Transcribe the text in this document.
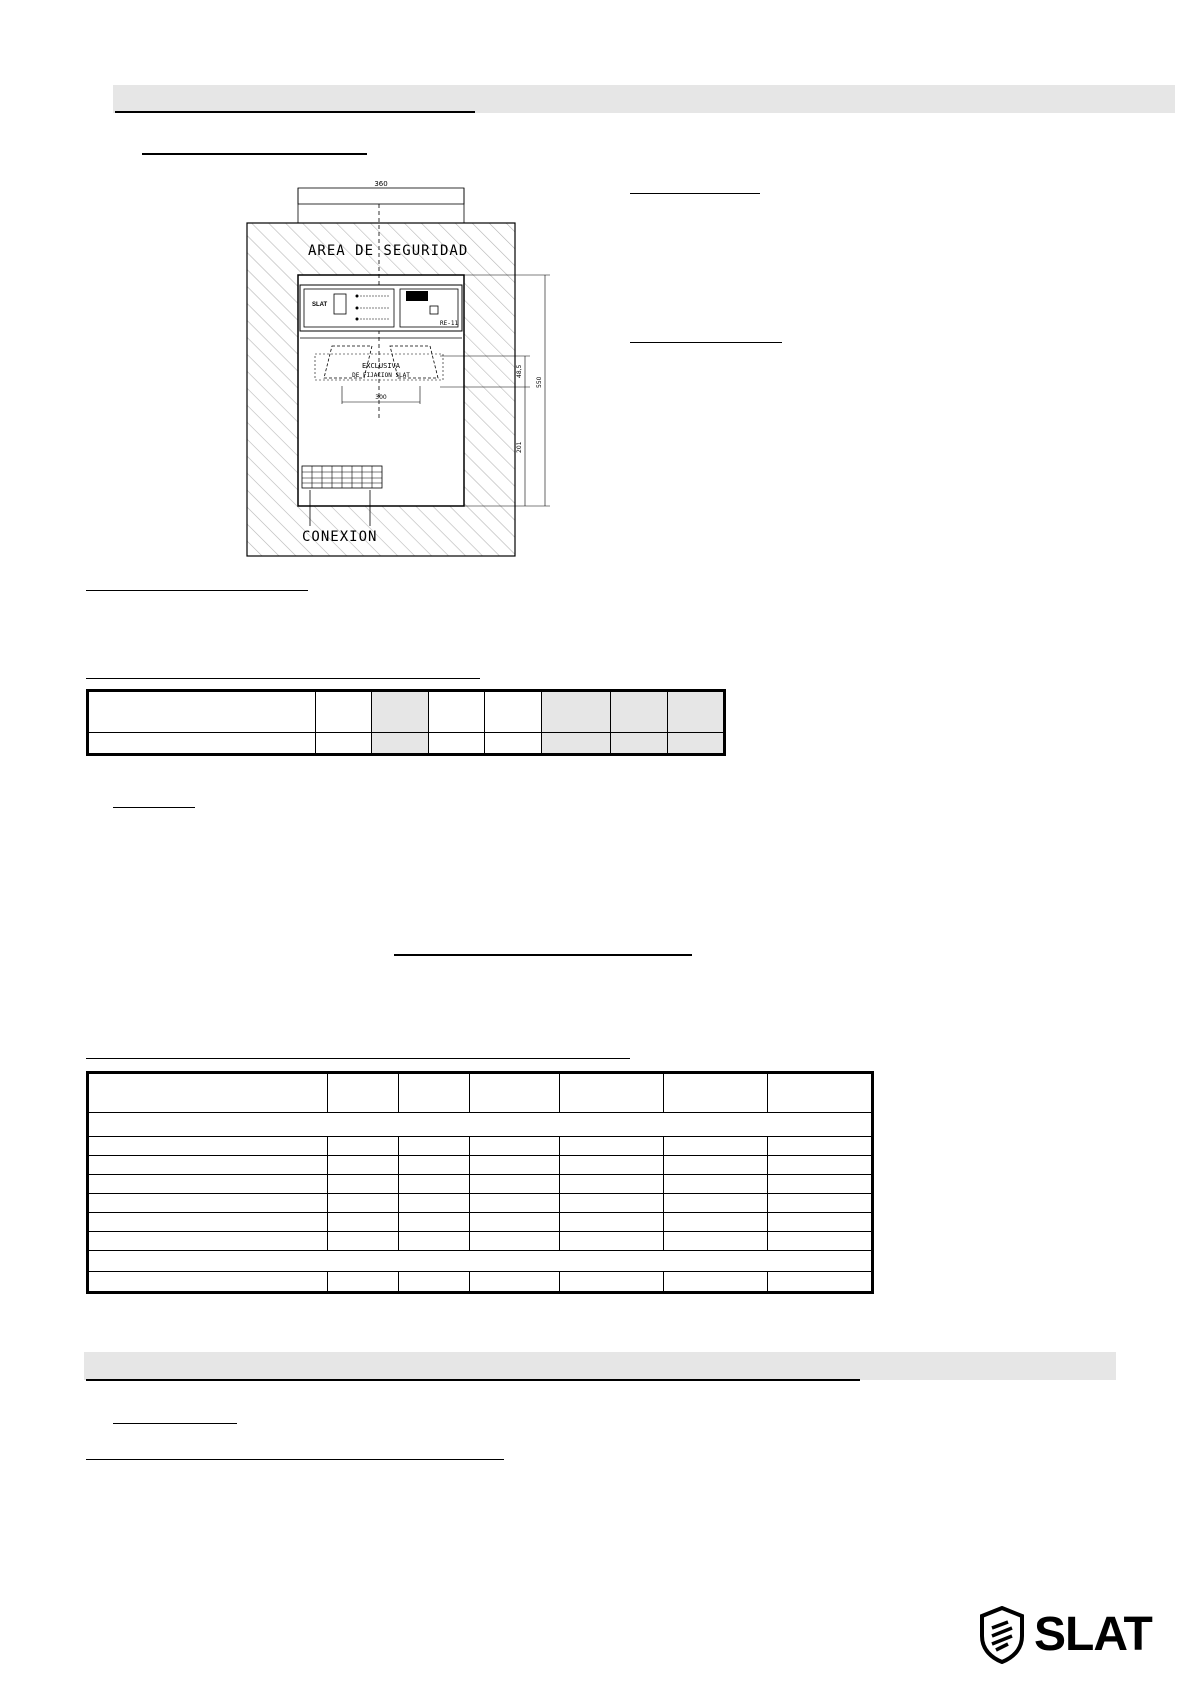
360
AREA DE SEGURIDAD
SLAT
RE-11
EXCLUSIVA
DE FIJACION SLAT
300
550
48,5
201
CONEXION

SLAT
